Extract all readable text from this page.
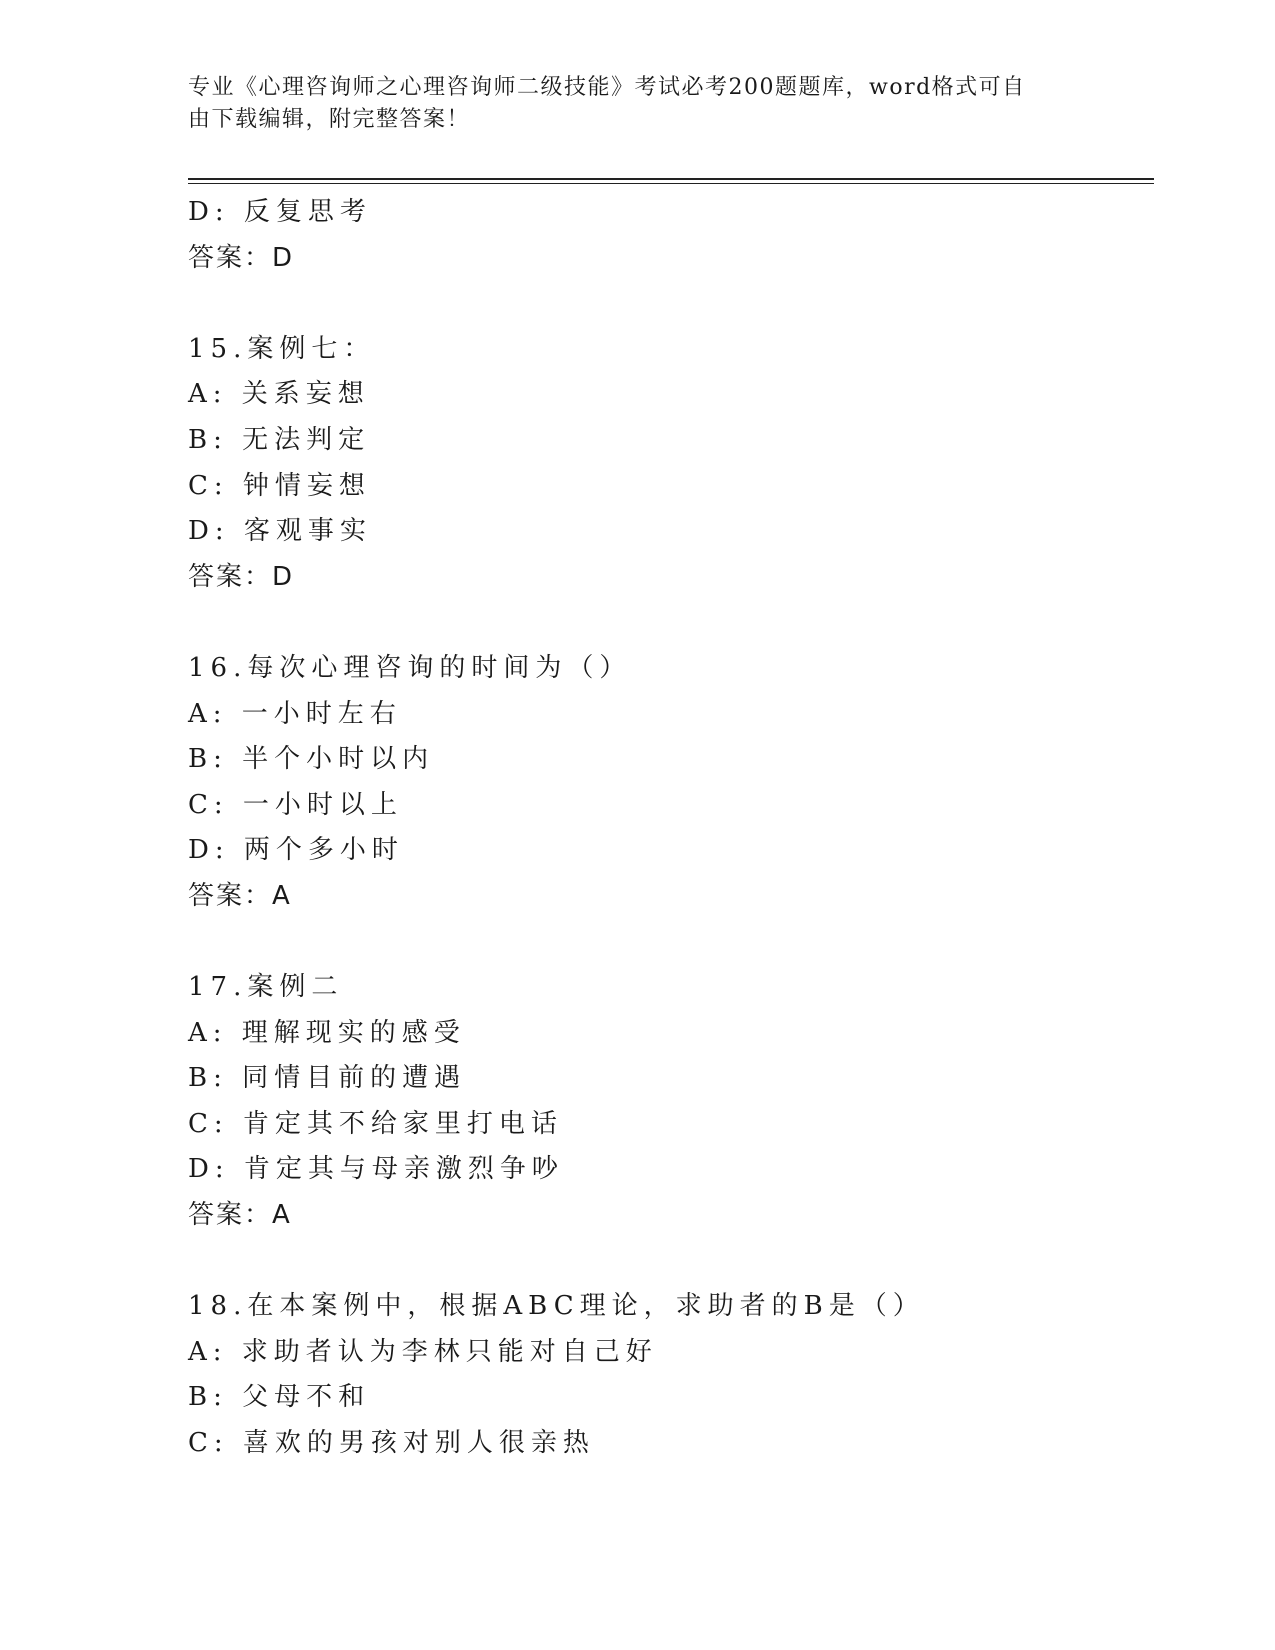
专业《心理咨询师之心理咨询师二级技能》考试必考200题题库，word格式可自
由下载编辑，附完整答案！
D: 反复思考
答案：D
15.案例七：
A: 关系妄想
B: 无法判定
C: 钟情妄想
D: 客观事实
答案：D
16.每次心理咨询的时间为（）
A: 一小时左右
B: 半个小时以内
C: 一小时以上
D: 两个多小时
答案：A
17.案例二
A: 理解现实的感受
B: 同情目前的遭遇
C: 肯定其不给家里打电话
D: 肯定其与母亲激烈争吵
答案：A
18.在本案例中，根据ABC理论，求助者的B是（）
A: 求助者认为李林只能对自己好
B: 父母不和
C: 喜欢的男孩对别人很亲热
